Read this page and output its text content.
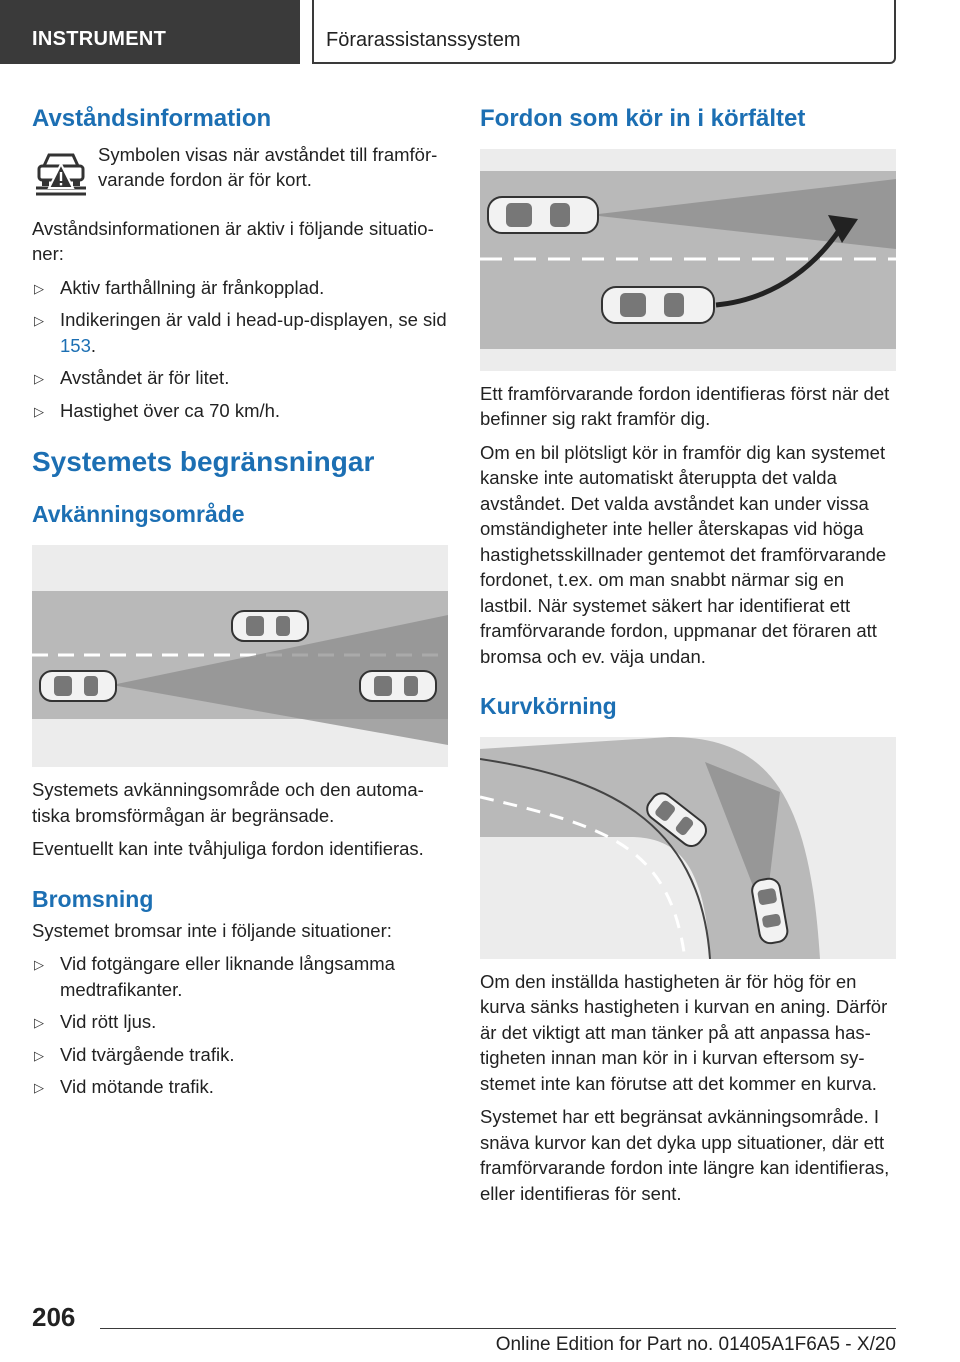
INSTRUMENT	Förarassistanssystem
Avståndsinformation

Symbolen visas när avståndet till framförvarande fordon är för kort.

Avståndsinformationen är aktiv i följande situationer:

▷ Aktiv farthållning är frånkopplad.
▷ Indikeringen är vald i head-up-displayen, se sid 153.
▷ Avståndet är för litet.
▷ Hastighet över ca 70 km/h.
Systemets begränsningar
Avkänningsområde

Systemets avkänningsområde och den automatiska bromsförmågan är begränsade.

Eventuellt kan inte tvåhjuliga fordon identifieras.

Bromsning

Systemet bromsar inte i följande situationer:

▷ Vid fotgängare eller liknande långsamma medtrafikanter.
▷ Vid rött ljus.
▷ Vid tvärgående trafik.
▷ Vid mötande trafik.
Fordon som kör in i körfältet

Ett framförvarande fordon identifieras först när det befinner sig rakt framför dig.

Om en bil plötsligt kör in framför dig kan systemet kanske inte automatiskt återuppta det valda avståndet. Det valda avståndet kan under vissa omständigheter inte heller återskapas vid höga hastighetsskillnader gentemot det framförvarande fordonet, t.ex. om man snabbt närmar sig en lastbil. När systemet säkert har identifierat ett framförvarande fordon, uppmanar det föraren att bromsa och ev. väja undan.

Kurvkörning

Om den inställda hastigheten är för hög för en kurva sänks hastigheten i kurvan en aning. Därför är det viktigt att man tänker på att anpassa hastigheten innan man kör in i kurvan eftersom systemet inte kan förutse att det kommer en kurva.

Systemet har ett begränsat avkänningsområde. I snäva kurvor kan det dyka upp situationer, där ett framförvarande fordon inte längre kan identifieras, eller identifieras för sent.

206
Online Edition for Part no. 01405A1F6A5 - X/20
